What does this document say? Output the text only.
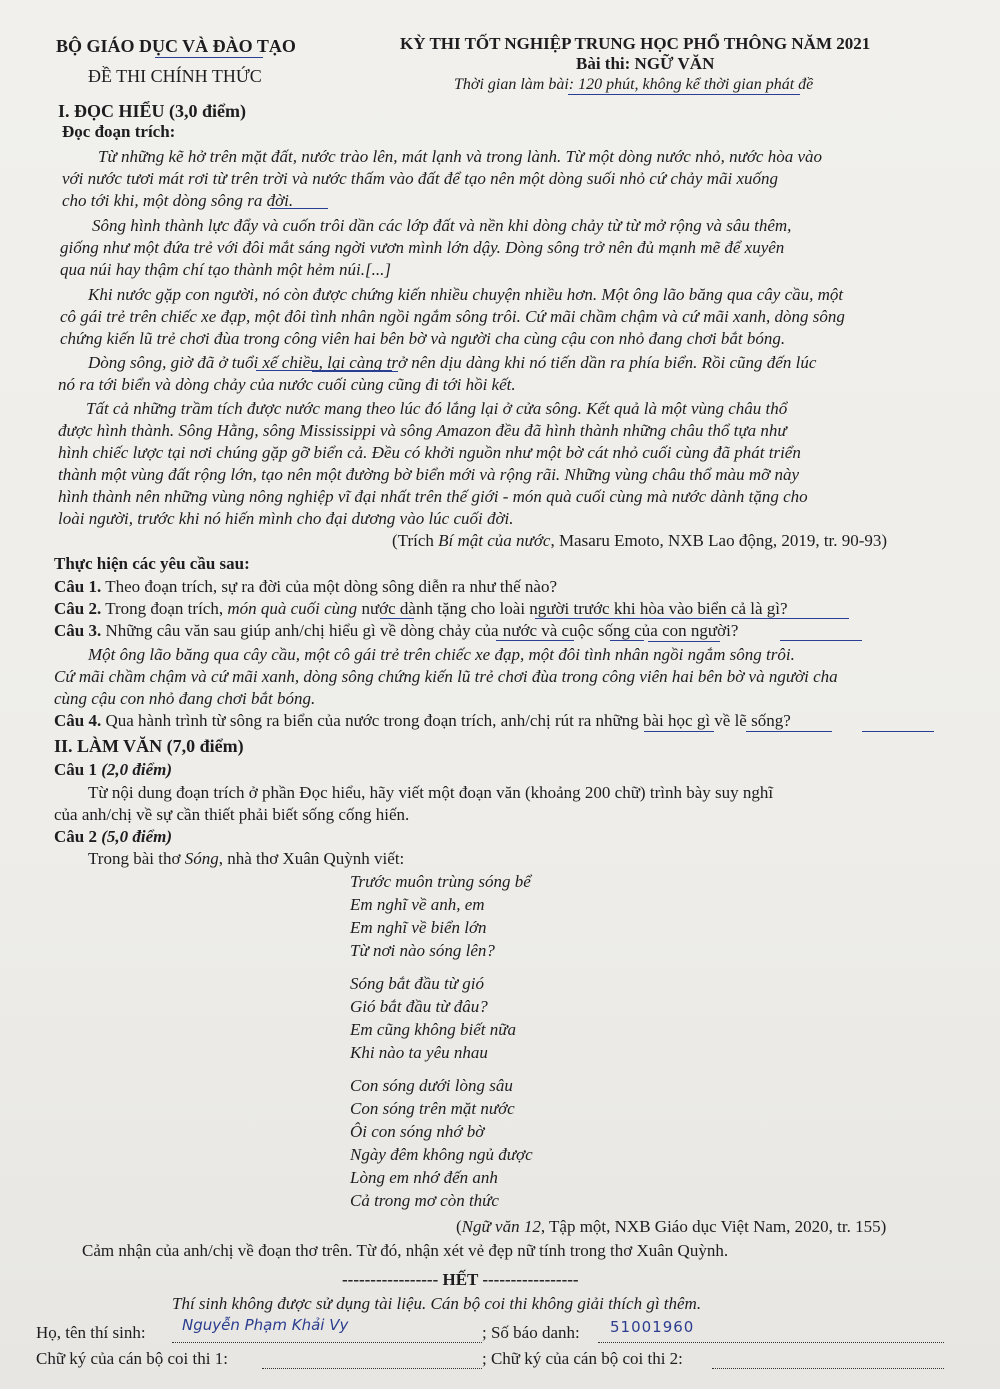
BỘ GIÁO DỤC VÀ ĐÀO TẠO
ĐỀ THI CHÍNH THỨC
KỲ THI TỐT NGHIỆP TRUNG HỌC PHỔ THÔNG NĂM 2021
Bài thi: NGỮ VĂN
Thời gian làm bài: 120 phút, không kể thời gian phát đề
I. ĐỌC HIỂU (3,0 điểm)
Đọc đoạn trích:
Từ những kẽ hở trên mặt đất, nước trào lên, mát lạnh và trong lành. Từ một dòng nước nhỏ, nước hòa vào
với nước tươi mát rơi từ trên trời và nước thấm vào đất để tạo nên một dòng suối nhỏ cứ chảy mãi xuống
cho tới khi, một dòng sông ra đời.
Sông hình thành lực đẩy và cuốn trôi dần các lớp đất và nền khi dòng chảy từ từ mở rộng và sâu thêm,
giống như một đứa trẻ với đôi mắt sáng ngời vươn mình lớn dậy. Dòng sông trở nên đủ mạnh mẽ để xuyên
qua núi hay thậm chí tạo thành một hẻm núi.[...]
Khi nước gặp con người, nó còn được chứng kiến nhiều chuyện nhiều hơn. Một ông lão băng qua cây cầu, một
cô gái trẻ trên chiếc xe đạp, một đôi tình nhân ngồi ngắm sông trôi. Cứ mãi chầm chậm và cứ mãi xanh, dòng sông
chứng kiến lũ trẻ chơi đùa trong công viên hai bên bờ và người cha cùng cậu con nhỏ đang chơi bắt bóng.
Dòng sông, giờ đã ở tuổi xế chiều, lại càng trở nên dịu dàng khi nó tiến dần ra phía biển. Rồi cũng đến lúc
nó ra tới biển và dòng chảy của nước cuối cùng cũng đi tới hồi kết.
Tất cả những trầm tích được nước mang theo lúc đó lắng lại ở cửa sông. Kết quả là một vùng châu thổ
được hình thành. Sông Hằng, sông Mississippi và sông Amazon đều đã hình thành những châu thổ tựa như
hình chiếc lược tại nơi chúng gặp gỡ biển cả. Đều có khởi nguồn như một bờ cát nhỏ cuối cùng đã phát triển
thành một vùng đất rộng lớn, tạo nên một đường bờ biển mới và rộng rãi. Những vùng châu thổ màu mỡ này
hình thành nên những vùng nông nghiệp vĩ đại nhất trên thế giới - món quà cuối cùng mà nước dành tặng cho
loài người, trước khi nó hiến mình cho đại dương vào lúc cuối đời.
(Trích Bí mật của nước, Masaru Emoto, NXB Lao động, 2019, tr. 90-93)
Thực hiện các yêu cầu sau:
Câu 1. Theo đoạn trích, sự ra đời của một dòng sông diễn ra như thế nào?
Câu 2. Trong đoạn trích, món quà cuối cùng nước dành tặng cho loài người trước khi hòa vào biển cả là gì?
Câu 3. Những câu văn sau giúp anh/chị hiểu gì về dòng chảy của nước và cuộc sống của con người?
Một ông lão băng qua cây cầu, một cô gái trẻ trên chiếc xe đạp, một đôi tình nhân ngồi ngắm sông trôi.
Cứ mãi chầm chậm và cứ mãi xanh, dòng sông chứng kiến lũ trẻ chơi đùa trong công viên hai bên bờ và người cha
cùng cậu con nhỏ đang chơi bắt bóng.
Câu 4. Qua hành trình từ sông ra biển của nước trong đoạn trích, anh/chị rút ra những bài học gì về lẽ sống?
II. LÀM VĂN (7,0 điểm)
Câu 1 (2,0 điểm)
Từ nội dung đoạn trích ở phần Đọc hiểu, hãy viết một đoạn văn (khoảng 200 chữ) trình bày suy nghĩ
của anh/chị về sự cần thiết phải biết sống cống hiến.
Câu 2 (5,0 điểm)
Trong bài thơ Sóng, nhà thơ Xuân Quỳnh viết:
Trước muôn trùng sóng bể
Em nghĩ về anh, em
Em nghĩ về biển lớn
Từ nơi nào sóng lên?
Sóng bắt đầu từ gió
Gió bắt đầu từ đâu?
Em cũng không biết nữa
Khi nào ta yêu nhau
Con sóng dưới lòng sâu
Con sóng trên mặt nước
Ôi con sóng nhớ bờ
Ngày đêm không ngủ được
Lòng em nhớ đến anh
Cả trong mơ còn thức
(Ngữ văn 12, Tập một, NXB Giáo dục Việt Nam, 2020, tr. 155)
Cảm nhận của anh/chị về đoạn thơ trên. Từ đó, nhận xét vẻ đẹp nữ tính trong thơ Xuân Quỳnh.
----------------- HẾT -----------------
Thí sinh không được sử dụng tài liệu. Cán bộ coi thi không giải thích gì thêm.
Họ, tên thí sinh: Nguyễn Phạm Khải Vy	; Số báo danh: 51001960
Chữ ký của cán bộ coi thi 1:	; Chữ ký của cán bộ coi thi 2:
